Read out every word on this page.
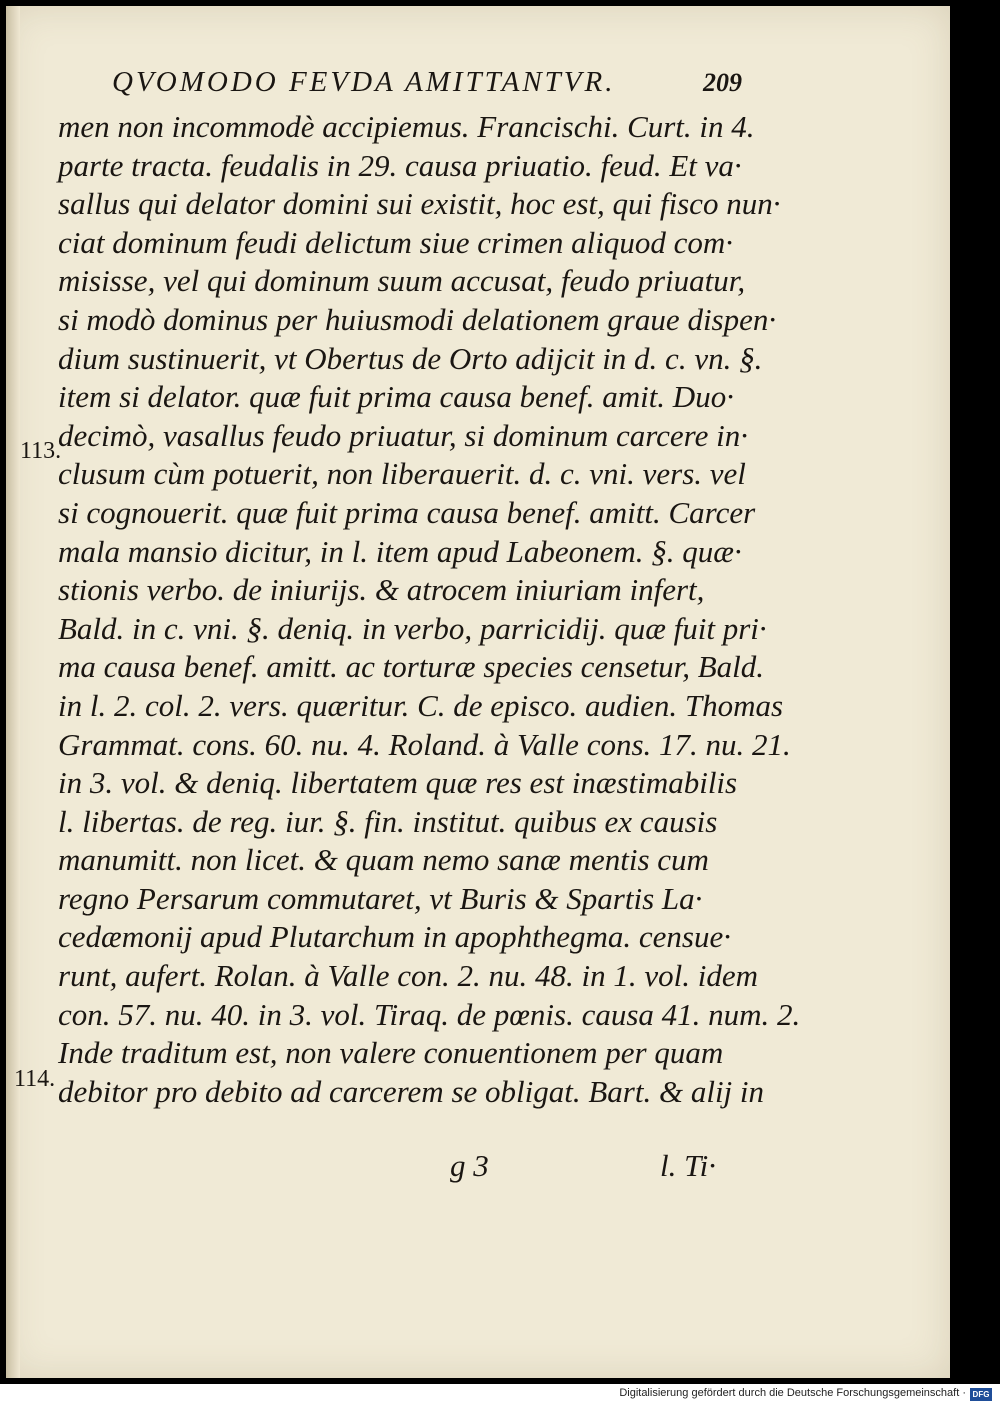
QVOMODO FEVDA AMITTANTVR.	209
113.
114.
men non incommodè accipiemus. Francischi. Curt. in 4.
parte tracta. feudalis in 29. causa priuatio. feud. Et va·
sallus qui delator domini sui existit, hoc est, qui fisco nun·
ciat dominum feudi delictum siue crimen aliquod com·
misisse, vel qui dominum suum accusat, feudo priuatur,
si modò dominus per huiusmodi delationem graue dispen·
dium sustinuerit, vt Obertus de Orto adijcit in d. c. vn. §.
item si delator. quæ fuit prima causa benef. amit. Duo·
decimò, vasallus feudo priuatur, si dominum carcere in·
clusum cùm potuerit, non liberauerit. d. c. vni. vers. vel
si cognouerit. quæ fuit prima causa benef. amitt. Carcer
mala mansio dicitur, in l. item apud Labeonem. §. quæ·
stionis verbo. de iniurijs. & atrocem iniuriam infert,
Bald. in c. vni. §. deniq. in verbo, parricidij. quæ fuit pri·
ma causa benef. amitt. ac torturæ species censetur, Bald.
in l. 2. col. 2. vers. quæritur. C. de episco. audien. Thomas
Grammat. cons. 60. nu. 4. Roland. à Valle cons. 17. nu. 21.
in 3. vol. & deniq. libertatem quæ res est inæstimabilis
l. libertas. de reg. iur. §. fin. institut. quibus ex causis
manumitt. non licet. & quam nemo sanæ mentis cum
regno Persarum commutaret, vt Buris & Spartis La·
cedæmonij apud Plutarchum in apophthegma. censue·
runt, aufert. Rolan. à Valle con. 2. nu. 48. in 1. vol. idem
con. 57. nu. 40. in 3. vol. Tiraq. de pœnis. causa 41. num. 2.
Inde traditum est, non valere conuentionem per quam
debitor pro debito ad carcerem se obligat. Bart. & alij in
g 3	l. Ti·
Digitalisierung gefördert durch die Deutsche Forschungsgemeinschaft · DFG
